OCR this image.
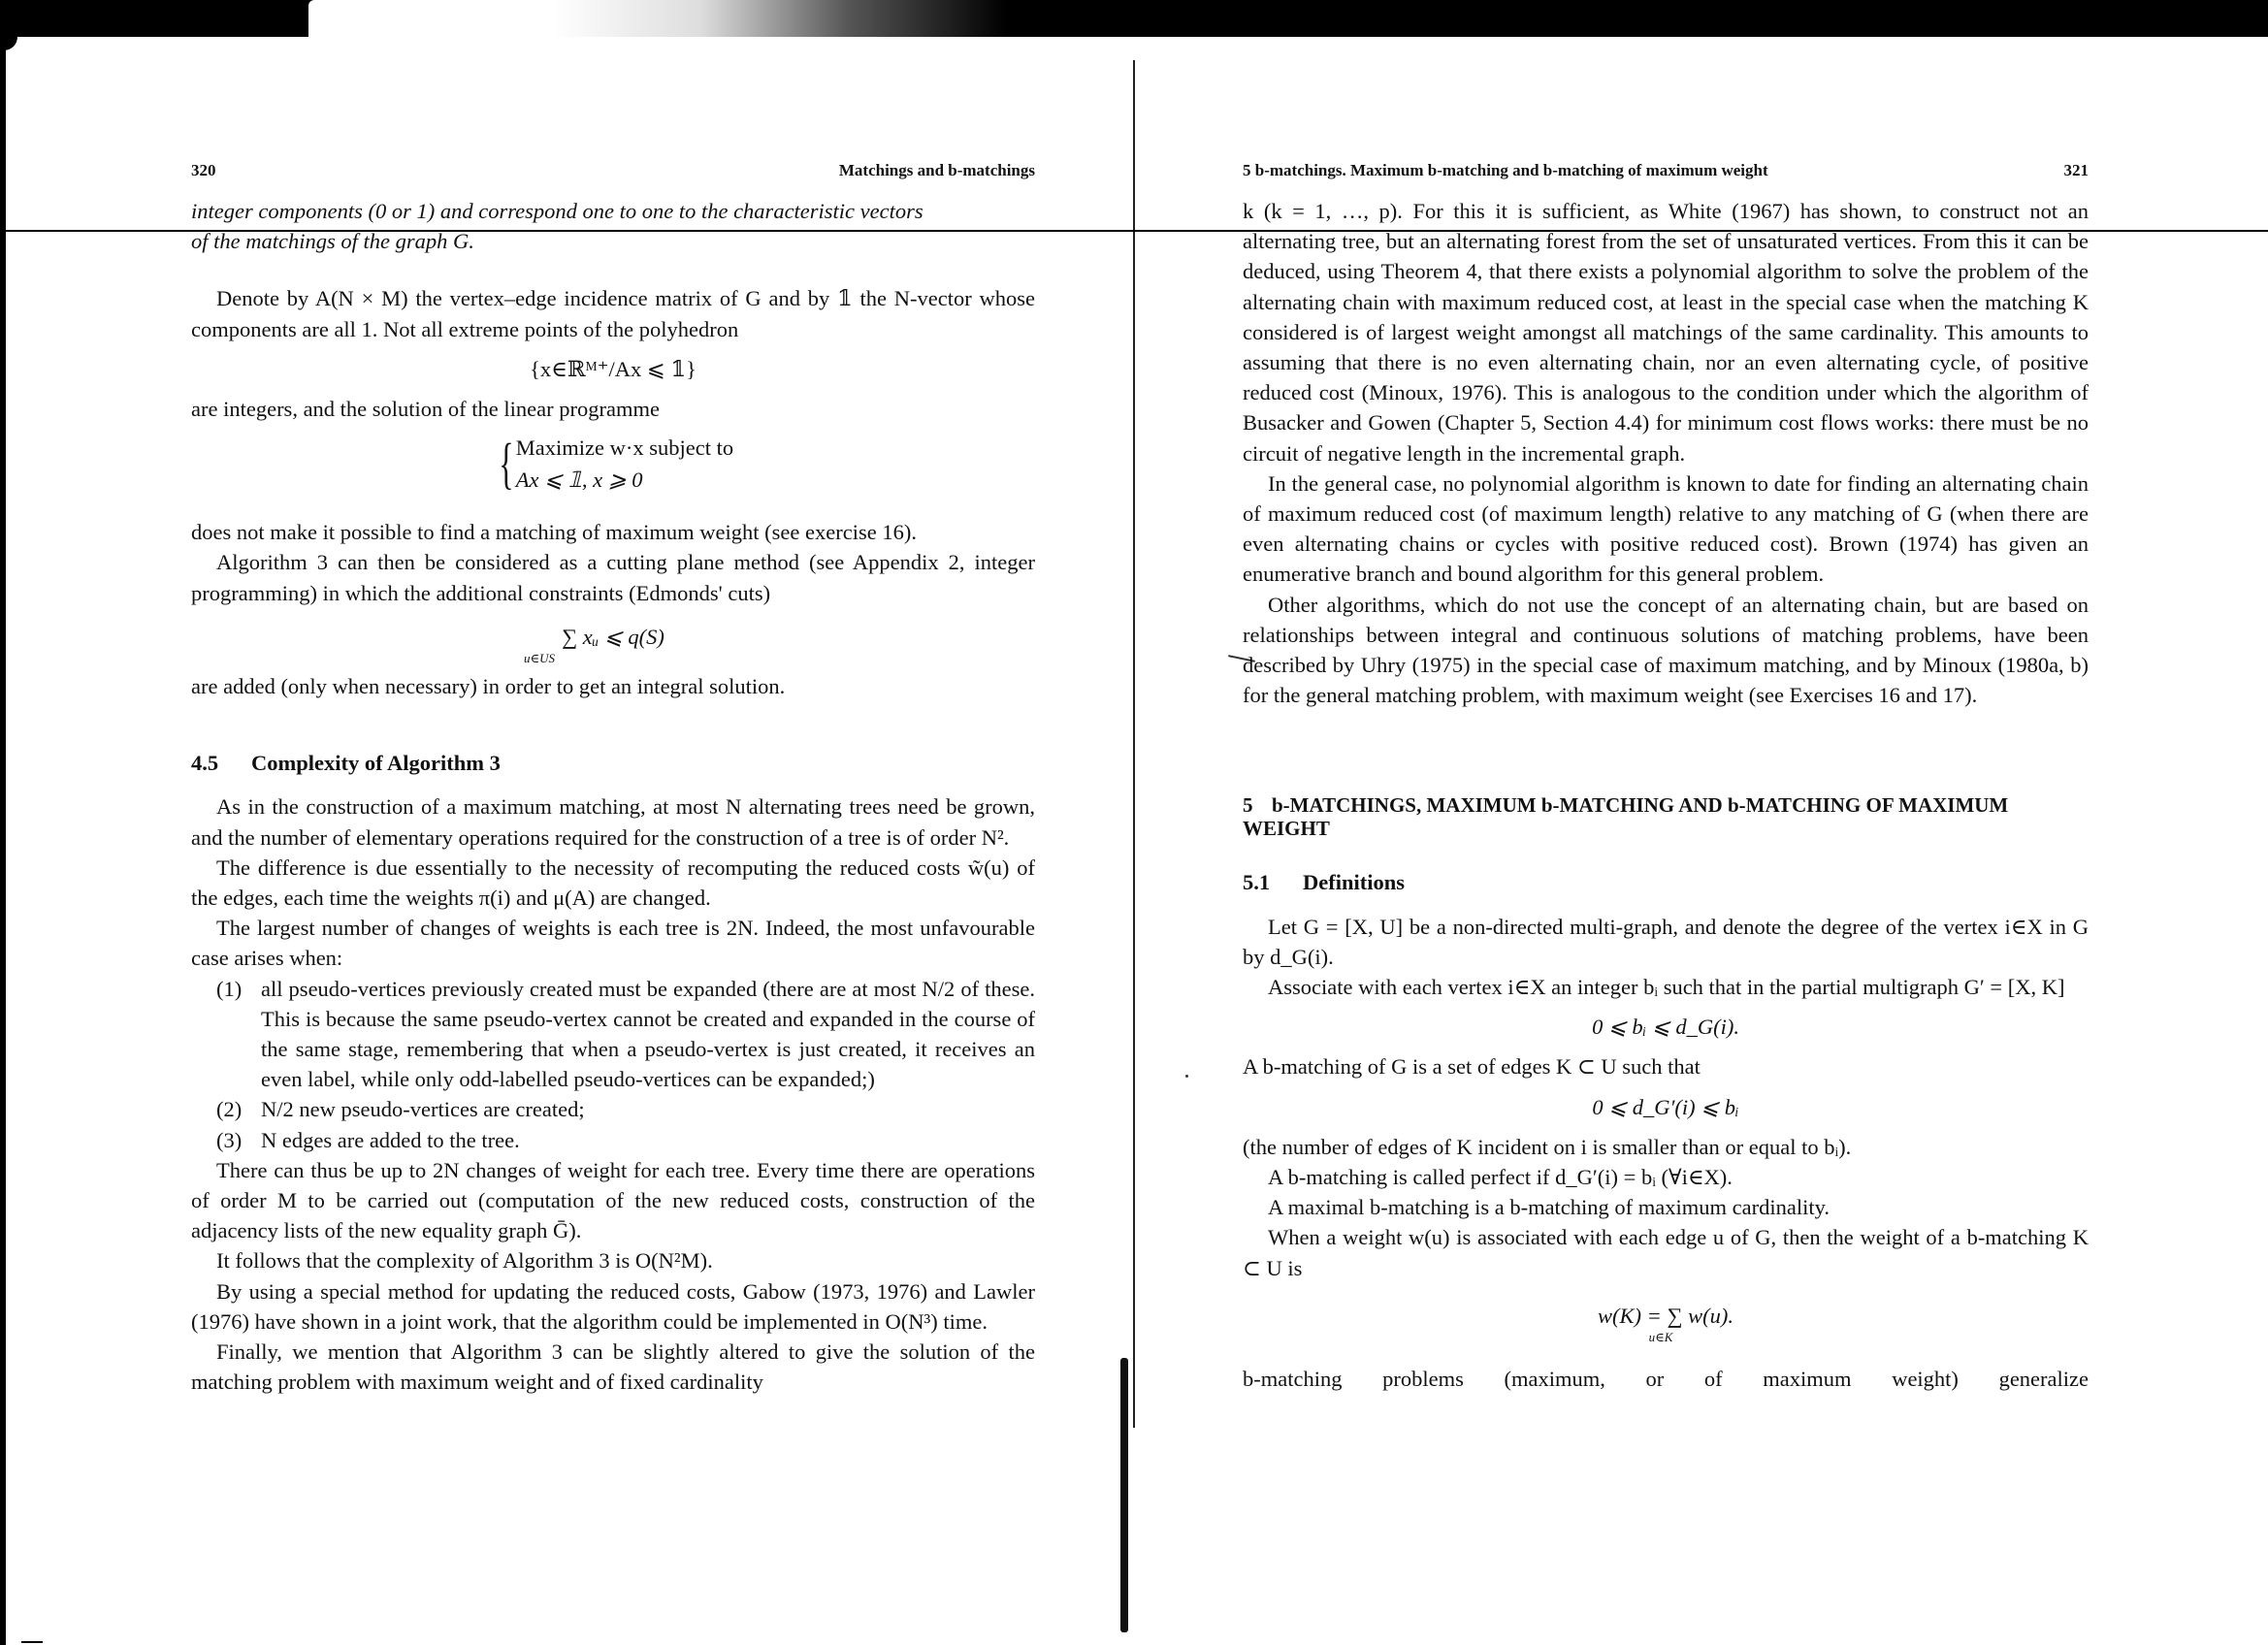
320	Matchings and b-matchings

integer components (0 or 1) and correspond one to one to the characteristic vectors

of the matchings of the graph G.

Denote by A(N × M) the vertex–edge incidence matrix of G and by 𝟙 the N-vector whose components are all 1. Not all extreme points of the polyhedron

{x∈ℝᴹ⁺/Ax ⩽ 𝟙}

are integers, and the solution of the linear programme

{ Maximize w·x subject to
Ax ⩽ 𝟙, x ⩾ 0

does not make it possible to find a matching of maximum weight (see exercise 16).

Algorithm 3 can then be considered as a cutting plane method (see Appendix 2, integer programming) in which the additional constraints (Edmonds' cuts)

∑ xᵤ ⩽ q(S)
u∈U S

are added (only when necessary) in order to get an integral solution.

4.5 Complexity of Algorithm 3

As in the construction of a maximum matching, at most N alternating trees need be grown, and the number of elementary operations required for the construction of a tree is of order N².

The difference is due essentially to the necessity of recomputing the reduced costs w̃(u) of the edges, each time the weights π(i) and μ(A) are changed.

The largest number of changes of weights is each tree is 2N. Indeed, the most unfavourable case arises when:

(1) all pseudo-vertices previously created must be expanded (there are at most N/2 of these. This is because the same pseudo-vertex cannot be created and expanded in the course of the same stage, remembering that when a pseudo-vertex is just created, it receives an even label, while only odd-labelled pseudo-vertices can be expanded;)
(2) N/2 new pseudo-vertices are created;
(3) N edges are added to the tree.

There can thus be up to 2N changes of weight for each tree. Every time there are operations of order M to be carried out (computation of the new reduced costs, construction of the adjacency lists of the new equality graph Ḡ).

It follows that the complexity of Algorithm 3 is O(N²M).

By using a special method for updating the reduced costs, Gabow (1973, 1976) and Lawler (1976) have shown in a joint work, that the algorithm could be implemented in O(N³) time.

Finally, we mention that Algorithm 3 can be slightly altered to give the solution of the matching problem with maximum weight and of fixed cardinality

5 b-matchings. Maximum b-matching and b-matching of maximum weight	321

k (k = 1, …, p). For this it is sufficient, as White (1967) has shown, to construct not an alternating tree, but an alternating forest from the set of unsaturated vertices. From this it can be deduced, using Theorem 4, that there exists a polynomial algorithm to solve the problem of the alternating chain with maximum reduced cost, at least in the special case when the matching K considered is of largest weight amongst all matchings of the same cardinality. This amounts to assuming that there is no even alternating chain, nor an even alternating cycle, of positive reduced cost (Minoux, 1976). This is analogous to the condition under which the algorithm of Busacker and Gowen (Chapter 5, Section 4.4) for minimum cost flows works: there must be no circuit of negative length in the incremental graph.

In the general case, no polynomial algorithm is known to date for finding an alternating chain of maximum reduced cost (of maximum length) relative to any matching of G (when there are even alternating chains or cycles with positive reduced cost). Brown (1974) has given an enumerative branch and bound algorithm for this general problem.

Other algorithms, which do not use the concept of an alternating chain, but are based on relationships between integral and continuous solutions of matching problems, have been described by Uhry (1975) in the special case of maximum matching, and by Minoux (1980a, b) for the general matching problem, with maximum weight (see Exercises 16 and 17).

5 b-MATCHINGS, MAXIMUM b-MATCHING AND b-MATCHING OF MAXIMUM WEIGHT
5.1 Definitions

Let G = [X, U] be a non-directed multi-graph, and denote the degree of the vertex i∈X in G by d_G(i).

Associate with each vertex i∈X an integer bᵢ such that in the partial multigraph G′ = [X, K]

0 ⩽ bᵢ ⩽ d_G(i).

A b-matching of G is a set of edges K ⊂ U such that

0 ⩽ d_G′(i) ⩽ bᵢ

(the number of edges of K incident on i is smaller than or equal to bᵢ).

A b-matching is called perfect if d_G′(i) = bᵢ (∀i∈X).

A maximal b-matching is a b-matching of maximum cardinality.

When a weight w(u) is associated with each edge u of G, then the weight of a b-matching K ⊂ U is

w(K) = ∑ w(u).
u∈K

b-matching problems (maximum, or of maximum weight) generalize
